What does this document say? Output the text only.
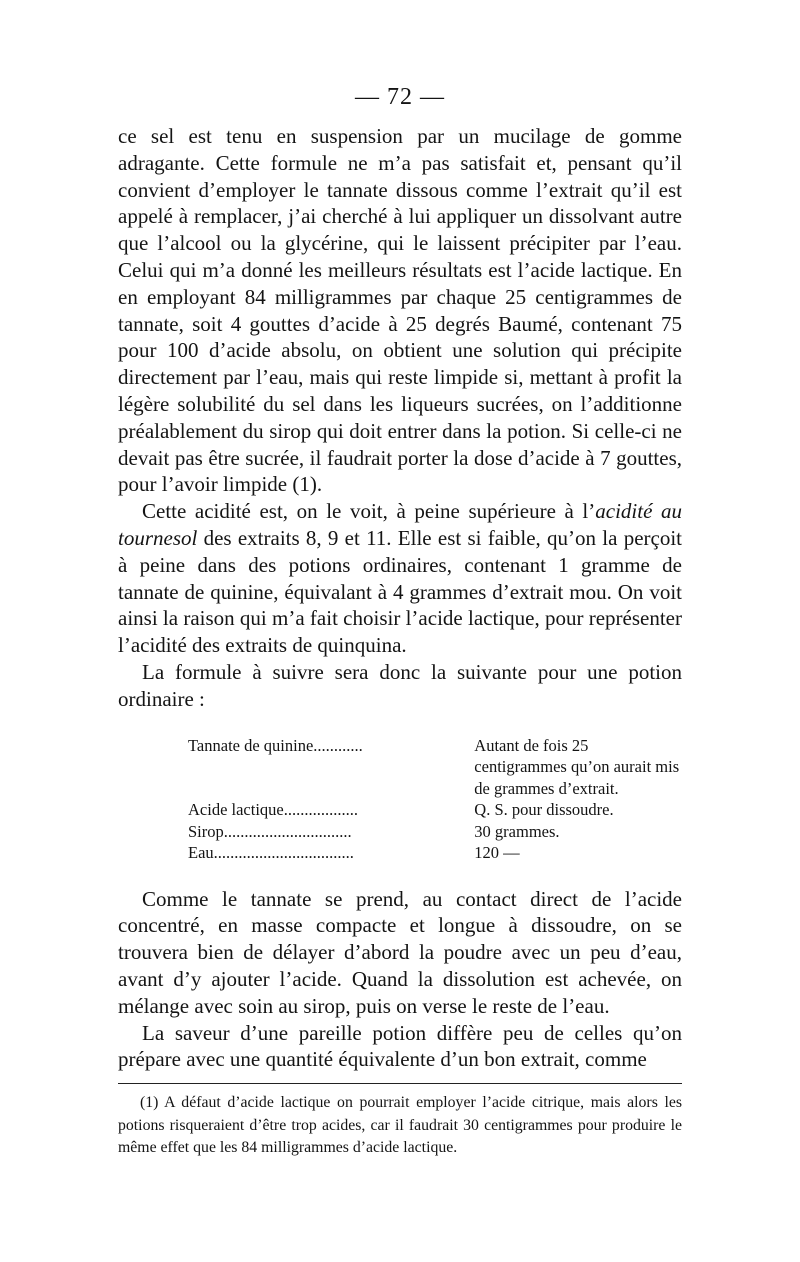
— 72 —

ce sel est tenu en suspension par un mucilage de gomme adragante. Cette formule ne m’a pas satisfait et, pensant qu’il convient d’employer le tannate dissous comme l’extrait qu’il est appelé à remplacer, j’ai cherché à lui appliquer un dissolvant autre que l’alcool ou la glycérine, qui le laissent précipiter par l’eau. Celui qui m’a donné les meilleurs résultats est l’acide lactique. En en employant 84 milligrammes par chaque 25 centigrammes de tannate, soit 4 gouttes d’acide à 25 degrés Baumé, contenant 75 pour 100 d’acide absolu, on obtient une solution qui précipite directement par l’eau, mais qui reste limpide si, mettant à profit la légère solubilité du sel dans les liqueurs sucrées, on l’additionne préalablement du sirop qui doit entrer dans la potion. Si celle-ci ne devait pas être sucrée, il faudrait porter la dose d’acide à 7 gouttes, pour l’avoir limpide (1).

Cette acidité est, on le voit, à peine supérieure à l’acidité au tournesol des extraits 8, 9 et 11. Elle est si faible, qu’on la perçoit à peine dans des potions ordinaires, contenant 1 gramme de tannate de quinine, équivalant à 4 grammes d’extrait mou. On voit ainsi la raison qui m’a fait choisir l’acide lactique, pour représenter l’acidité des extraits de quinquina.

La formule à suivre sera donc la suivante pour une potion ordinaire :

Tannate de quinine............	Autant de fois 25 centigrammes qu’on aurait mis de grammes d’extrait.
Acide lactique..................	Q. S. pour dissoudre.
Sirop...............................	30 grammes.
Eau..................................	120 —

Comme le tannate se prend, au contact direct de l’acide concentré, en masse compacte et longue à dissoudre, on se trouvera bien de délayer d’abord la poudre avec un peu d’eau, avant d’y ajouter l’acide. Quand la dissolution est achevée, on mélange avec soin au sirop, puis on verse le reste de l’eau.

La saveur d’une pareille potion diffère peu de celles qu’on prépare avec une quantité équivalente d’un bon extrait, comme

(1) A défaut d’acide lactique on pourrait employer l’acide citrique, mais alors les potions risqueraient d’être trop acides, car il faudrait 30 centigrammes pour produire le même effet que les 84 milligrammes d’acide lactique.
